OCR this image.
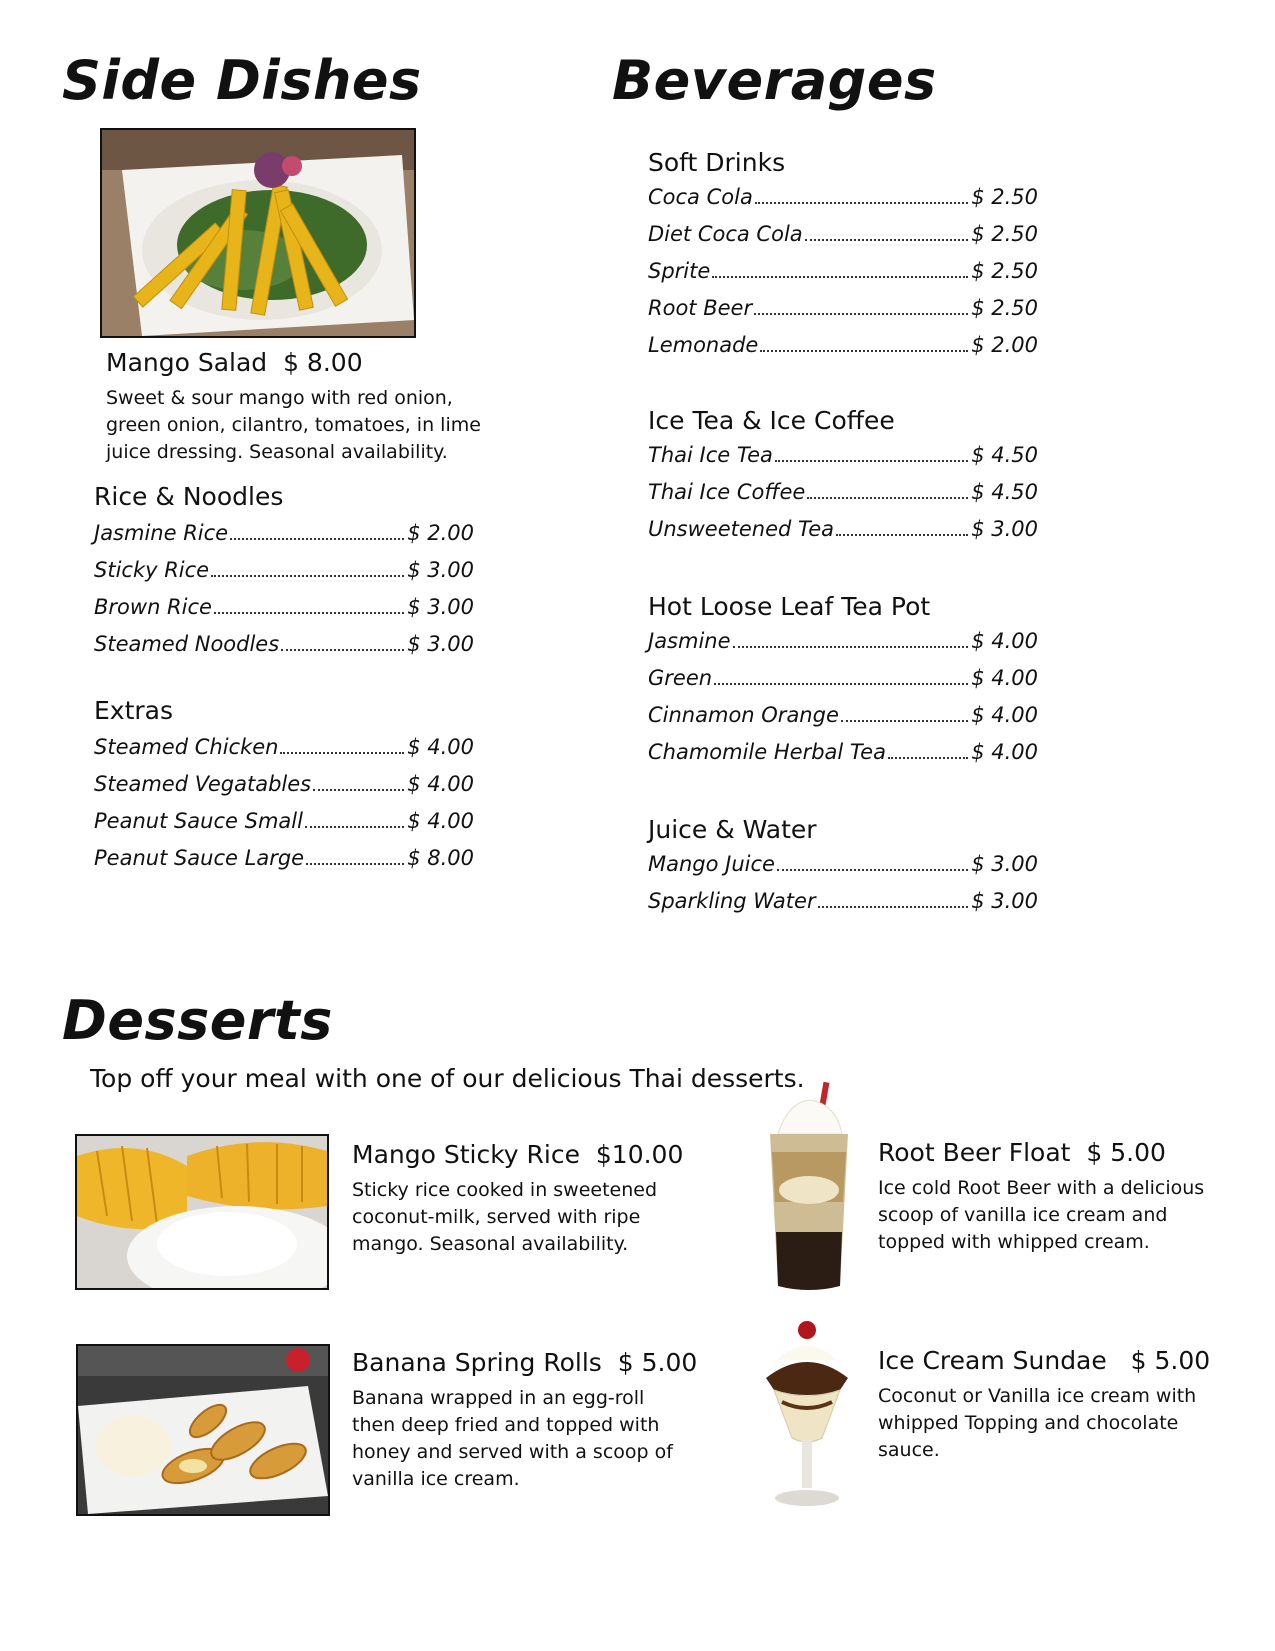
Side Dishes

Mango Salad $ 8.00

Sweet & sour mango with red onion, green onion, cilantro, tomatoes, in lime juice dressing. Seasonal availability.

Rice & Noodles
Jasmine Rice	$ 2.00
Sticky Rice	$ 3.00
Brown Rice	$ 3.00
Steamed Noodles	$ 3.00
Extras
Steamed Chicken	$ 4.00
Steamed Vegatables	$ 4.00
Peanut Sauce Small	$ 4.00
Peanut Sauce Large	$ 8.00
Beverages
Soft Drinks
Coca Cola	$ 2.50
Diet Coca Cola	$ 2.50
Sprite	$ 2.50
Root Beer	$ 2.50
Lemonade	$ 2.00
Ice Tea & Ice Coffee
Thai Ice Tea	$ 4.50
Thai Ice Coffee	$ 4.50
Unsweetened Tea	$ 3.00
Hot Loose Leaf Tea Pot
Jasmine	$ 4.00
Green	$ 4.00
Cinnamon Orange	$ 4.00
Chamomile Herbal Tea	$ 4.00
Juice & Water
Mango Juice	$ 3.00
Sparkling Water	$ 3.00
Desserts

Top off your meal with one of our delicious Thai desserts.

Mango Sticky Rice $10.00

Sticky rice cooked in sweetened coconut-milk, served with ripe mango. Seasonal availability.

Root Beer Float $ 5.00

Ice cold Root Beer with a delicious scoop of vanilla ice cream and topped with whipped cream.

Banana Spring Rolls $ 5.00

Banana wrapped in an egg-roll then deep fried and topped with honey and served with a scoop of vanilla ice cream.

Ice Cream Sundae $ 5.00

Coconut or Vanilla ice cream with whipped Topping and chocolate sauce.
